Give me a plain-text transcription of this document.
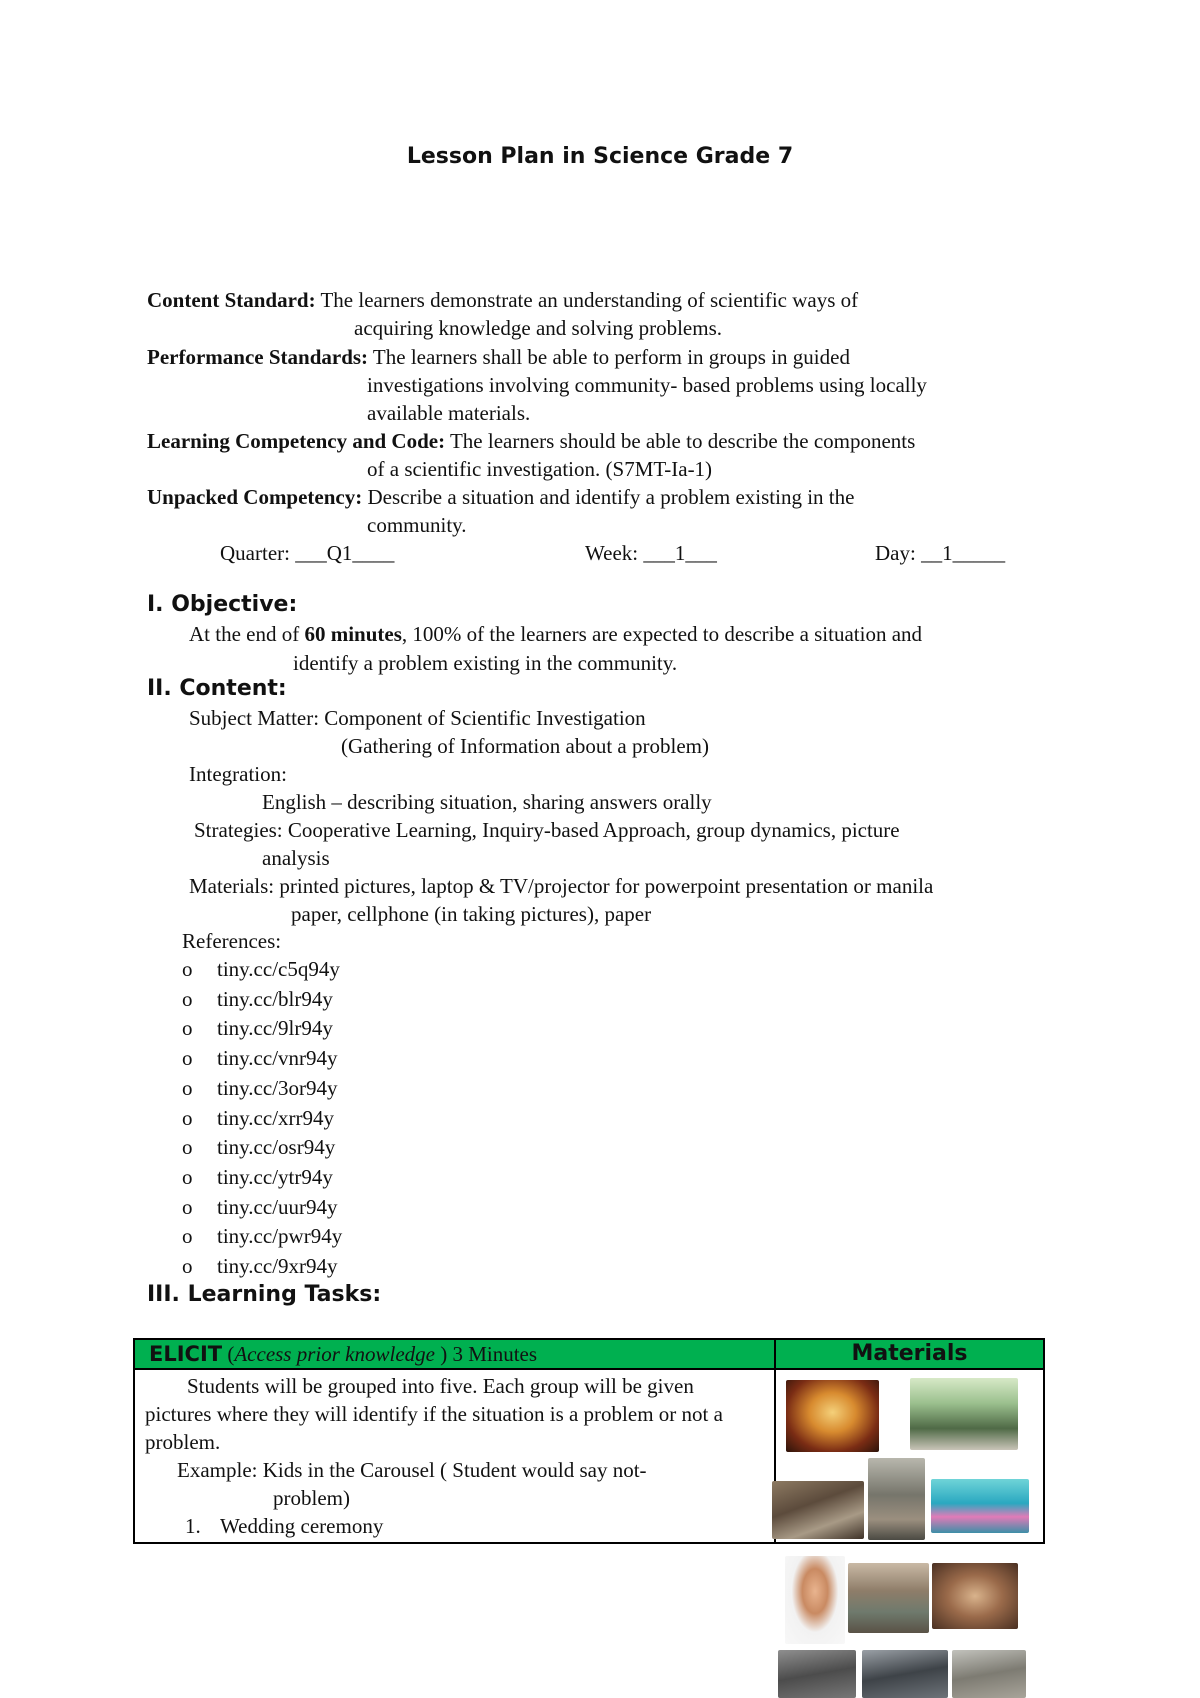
Lesson Plan in Science Grade 7
Content Standard: The learners demonstrate an understanding of scientific ways of
acquiring knowledge and solving problems.
Performance Standards: The learners shall be able to perform in groups in guided
investigations involving community- based problems using locally
available materials.
Learning Competency and Code: The learners should be able to describe the components
of a scientific investigation. (S7MT-Ia-1)
Unpacked Competency: Describe a situation and identify a problem existing in the
community.
Quarter: ___Q1____	Week: ___1___	Day: __1_____
I. Objective:
At the end of 60 minutes, 100% of the learners are expected to describe a situation and
identify a problem existing in the community.
II. Content:
Subject Matter: Component of Scientific Investigation
(Gathering of Information about a problem)
Integration:
English – describing situation, sharing answers orally
Strategies: Cooperative Learning, Inquiry-based Approach, group dynamics, picture
analysis
Materials: printed pictures, laptop & TV/projector for powerpoint presentation or manila
paper, cellphone (in taking pictures), paper
References:
o	tiny.cc/c5q94y
o	tiny.cc/blr94y
o	tiny.cc/9lr94y
o	tiny.cc/vnr94y
o	tiny.cc/3or94y
o	tiny.cc/xrr94y
o	tiny.cc/osr94y
o	tiny.cc/ytr94y
o	tiny.cc/uur94y
o	tiny.cc/pwr94y
o	tiny.cc/9xr94y
III. Learning Tasks:
ELICIT (Access prior knowledge ) 3 Minutes	Materials

Students will be grouped into five. Each group will be given pictures where they will identify if the situation is a problem or not a problem.
Example: Kids in the Carousel ( Student would say not-
problem)
1. Wedding ceremony	
